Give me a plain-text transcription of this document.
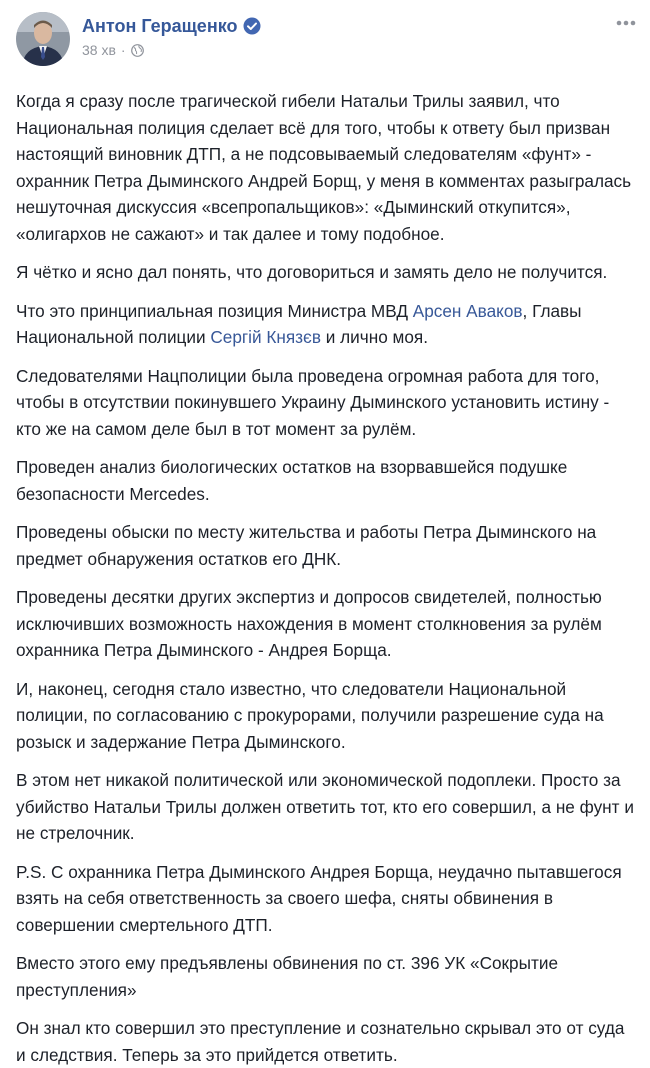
Антон Геращенко
38 хв ·

Когда я сразу после трагической гибели Натальи Трилы заявил, что Национальная полиция сделает всё для того, чтобы к ответу был призван настоящий виновник ДТП, а не подсовываемый следователям «фунт» - охранник Петра Дыминского Андрей Борщ, у меня в комментах разыгралась нешуточная дискуссия «всепропальщиков»: «Дыминский откупится», «олигархов не сажают» и так далее и тому подобное.

Я чётко и ясно дал понять, что договориться и замять дело не получится.

Что это принципиальная позиция Министра МВД Арсен Аваков, Главы Национальной полиции Сергій Князєв и лично моя.

Следователями Нацполиции была проведена огромная работа для того, чтобы в отсутствии покинувшего Украину Дыминского установить истину - кто же на самом деле был в тот момент за рулём.

Проведен анализ биологических остатков на взорвавшейся подушке безопасности Mercedes.

Проведены обыски по месту жительства и работы Петра Дыминского на предмет обнаружения остатков его ДНК.

Проведены десятки других экспертиз и допросов свидетелей, полностью исключивших возможность нахождения в момент столкновения за рулём охранника Петра Дыминского - Андрея Борща.

И, наконец, сегодня стало известно, что следователи Национальной полиции, по согласованию с прокурорами, получили разрешение суда на розыск и задержание Петра Дыминского.

В этом нет никакой политической или экономической подоплеки. Просто за убийство Натальи Трилы должен ответить тот, кто его совершил, а не фунт и не стрелочник.

P.S. С охранника Петра Дыминского Андрея Борща, неудачно пытавшегося взять на себя ответственность за своего шефа, сняты обвинения в совершении смертельного ДТП.

Вместо этого ему предъявлены обвинения по ст. 396 УК «Сокрытие преступления»

Он знал кто совершил это преступление и сознательно скрывал это от суда и следствия. Теперь за это прийдется ответить.
